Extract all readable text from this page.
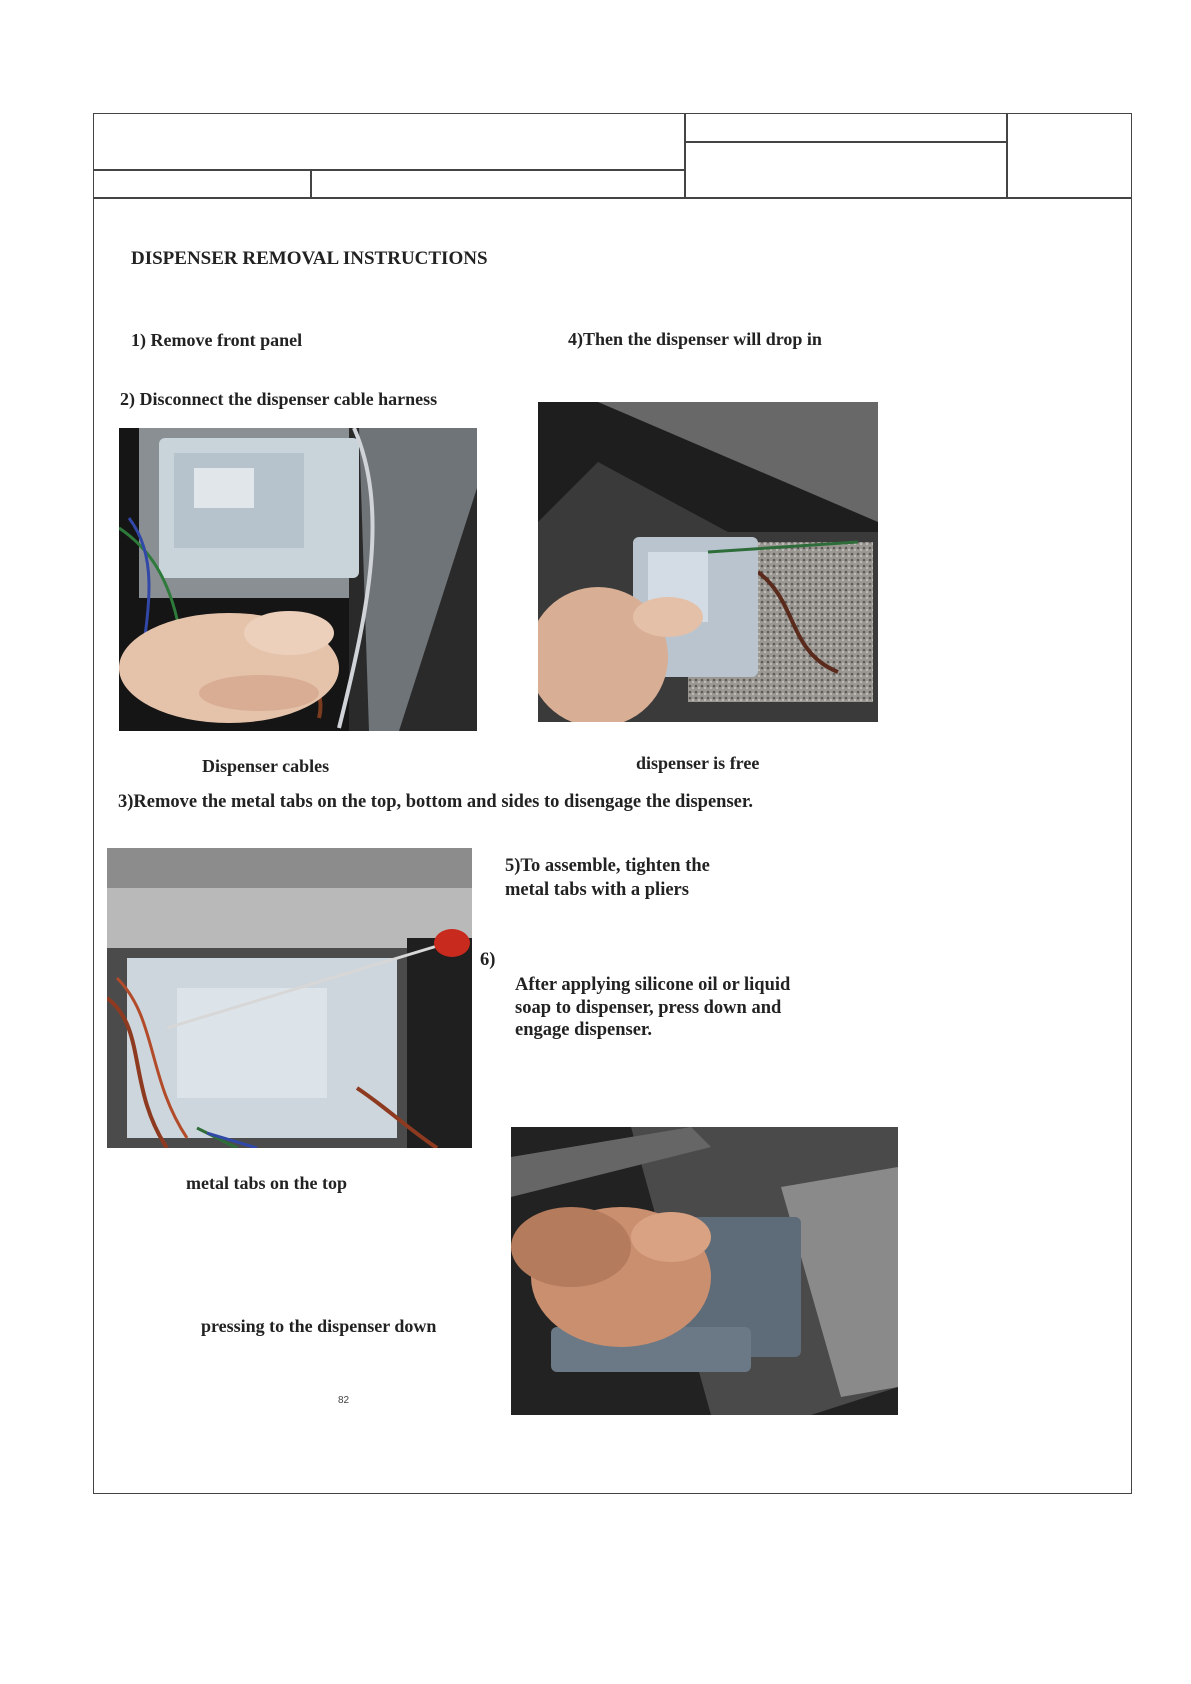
DISPENSER REMOVAL INSTRUCTIONS
1) Remove front panel	4)Then the dispenser will drop in
2) Disconnect the dispenser cable harness
Dispenser cables	dispenser is free
3)Remove the metal tabs on the top, bottom and sides to disengage the dispenser.
5)To assemble, tighten the
metal tabs with a pliers
6)
After applying silicone oil or liquid
soap to dispenser, press down and
engage dispenser.
metal tabs on the top
pressing to the dispenser down
82
